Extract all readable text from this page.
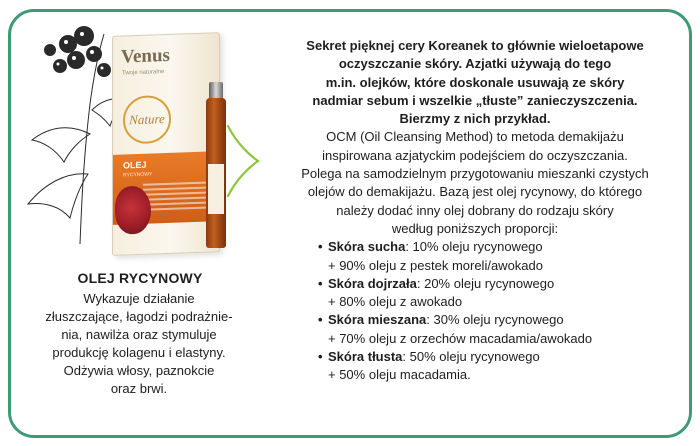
Venus
Twoje naturalne
Nature
OLEJ
RYCYNOWY
OLEJ RYCYNOWY
Wykazuje działanie
złuszczające, łagodzi podrażnie-
nia, nawilża oraz stymuluje
produkcję kolagenu i elastyny.
Odżywia włosy, paznokcie
oraz brwi.
Sekret pięknej cery Koreanek to głównie wieloetapowe
oczyszczanie skóry. Azjatki używają do tego
m.in. olejków, które doskonale usuwają ze skóry
nadmiar sebum i wszelkie „tłuste” zanieczyszczenia.
Bierzmy z nich przykład.
OCM (Oil Cleansing Method) to metoda demakijażu
inspirowana azjatyckim podejściem do oczyszczania.
Polega na samodzielnym przygotowaniu mieszanki czystych
olejów do demakijażu. Bazą jest olej rycynowy, do którego
należy dodać inny olej dobrany do rodzaju skóry
według poniższych proporcji:
• Skóra sucha: 10% oleju rycynowego
+ 90% oleju z pestek moreli/awokado
• Skóra dojrzała: 20% oleju rycynowego
+ 80% oleju z awokado
• Skóra mieszana: 30% oleju rycynowego
+ 70% oleju z orzechów macadamia/awokado
• Skóra tłusta: 50% oleju rycynowego
+ 50% oleju macadamia.
